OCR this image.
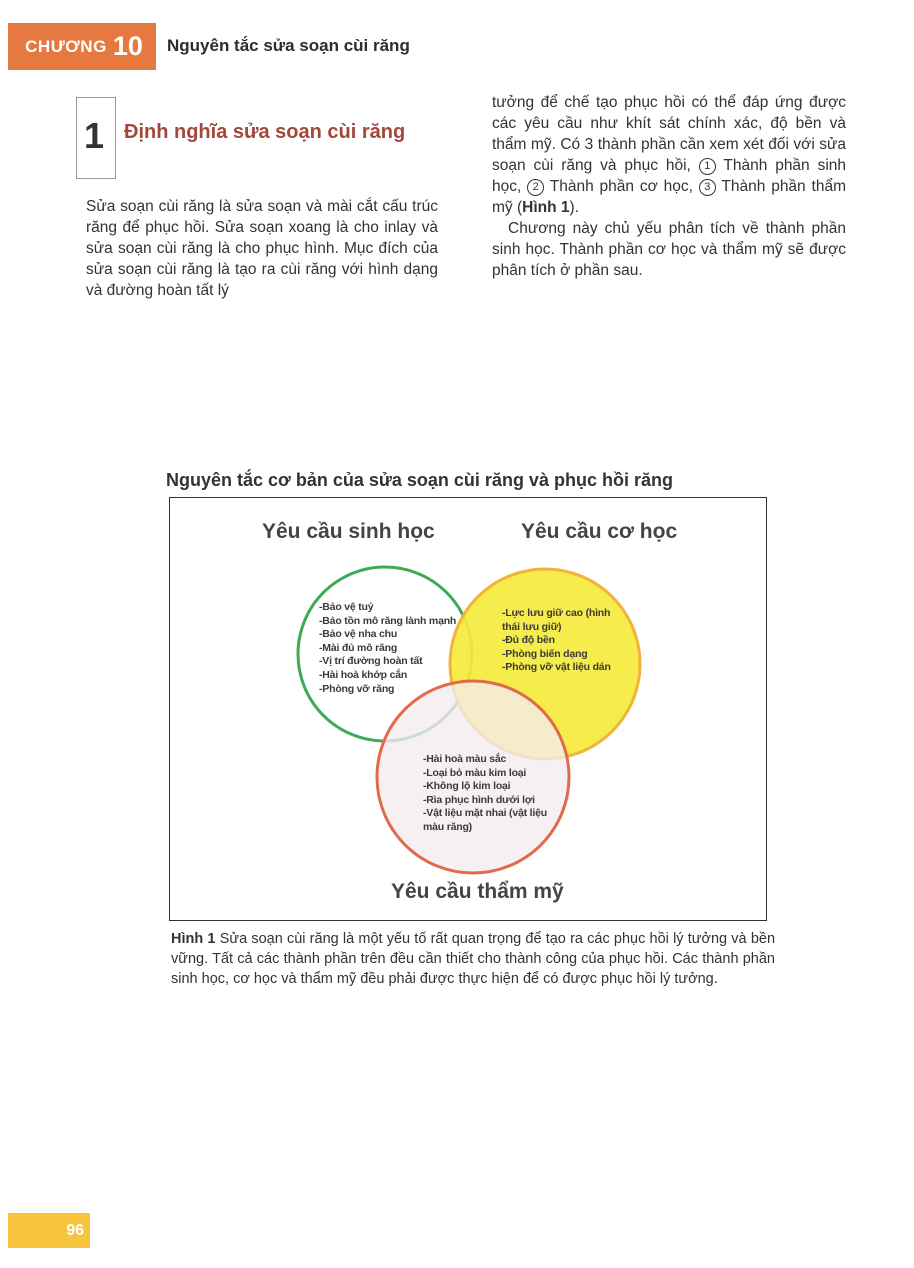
CHƯƠNG 10 Nguyên tắc sửa soạn cùi răng
1 Định nghĩa sửa soạn cùi răng
Sửa soạn cùi răng là sửa soạn và mài cắt cấu trúc răng để phục hồi. Sửa soạn xoang là cho inlay và sửa soạn cùi răng là cho phục hình. Mục đích của sửa soạn cùi răng là tạo ra cùi răng với hình dạng và đường hoàn tất lý

tưởng để chế tạo phục hồi có thể đáp ứng được các yêu cầu như khít sát chính xác, độ bền và thẩm mỹ. Có 3 thành phần cần xem xét đối với sửa soạn cùi răng và phục hồi, 1 Thành phần sinh học, 2 Thành phần cơ học, 3 Thành phần thẩm mỹ (Hình 1).

Chương này chủ yếu phân tích về thành phần sinh học. Thành phần cơ học và thẩm mỹ sẽ được phân tích ở phần sau.

Nguyên tắc cơ bản của sửa soạn cùi răng và phục hồi răng
Yêu cầu sinh học	Yêu cầu cơ học
Yêu cầu thẩm mỹ
-Bảo vệ tuỷ
-Bảo tồn mô răng lành mạnh
-Bảo vệ nha chu
-Mài đủ mô răng
-Vị trí đường hoàn tất
-Hài hoà khớp cắn
-Phòng vỡ răng
-Lực lưu giữ cao (hình thái lưu giữ)
-Đủ độ bền
-Phòng biến dạng
-Phòng vỡ vật liệu dán
-Hài hoà màu sắc
-Loại bỏ màu kim loại
-Không lộ kim loại
-Rìa phục hình dưới lợi
-Vật liệu mặt nhai (vật liệu màu răng)
Hình 1 Sửa soạn cùi răng là một yếu tố rất quan trọng để tạo ra các phục hồi lý tưởng và bền vững. Tất cả các thành phần trên đều cần thiết cho thành công của phục hồi. Các thành phần sinh học, cơ học và thẩm mỹ đều phải được thực hiện để có được phục hồi lý tưởng.
96
